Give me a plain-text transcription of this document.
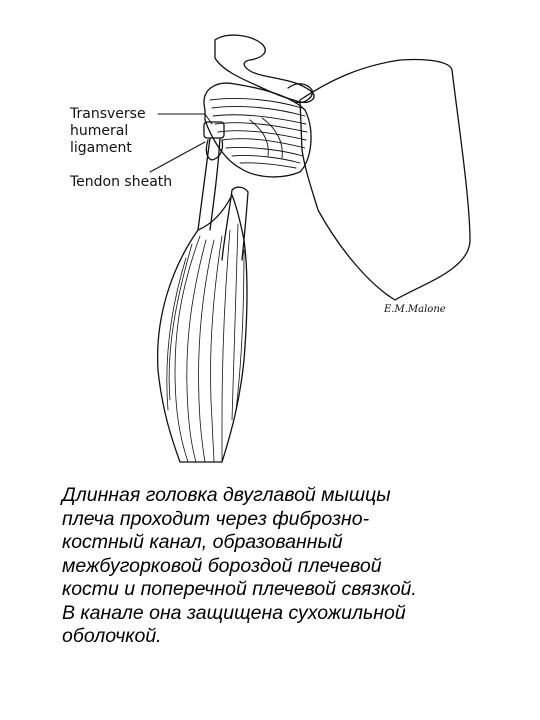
E.M.Malone
Transverse
humeral
ligament
Tendon sheath
Длинная головка двуглавой мышцы
плеча проходит через фиброзно-
костный канал, образованный
межбугорковой бороздой плечевой
кости и поперечной плечевой связкой.
В канале она защищена сухожильной
оболочкой.
